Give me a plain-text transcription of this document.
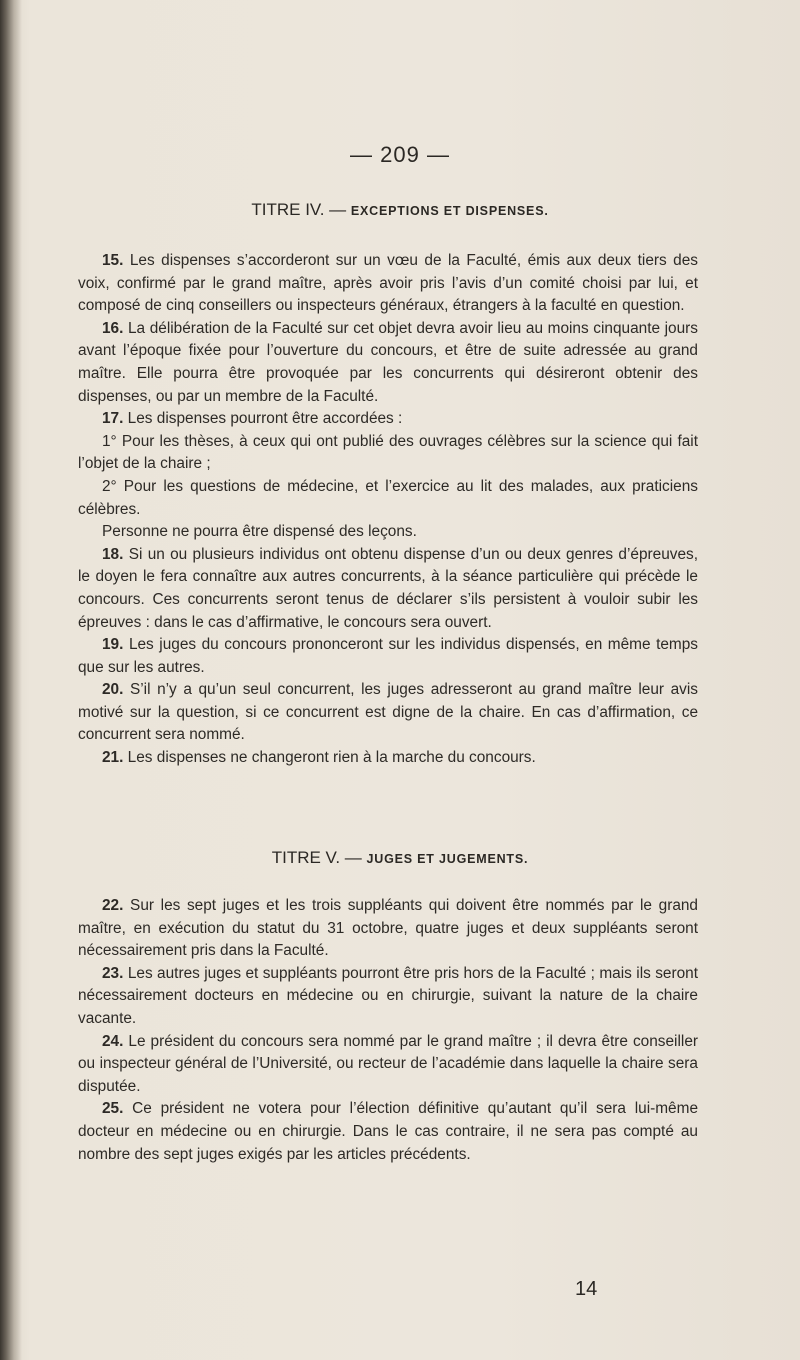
— 209 —
TITRE IV. — EXCEPTIONS ET DISPENSES.

15. Les dispenses s’accorderont sur un vœu de la Faculté, émis aux deux tiers des voix, confirmé par le grand maître, après avoir pris l’avis d’un comité choisi par lui, et composé de cinq conseillers ou inspecteurs généraux, étrangers à la faculté en question.

16. La délibération de la Faculté sur cet objet devra avoir lieu au moins cinquante jours avant l’époque fixée pour l’ouverture du concours, et être de suite adressée au grand maître. Elle pourra être provoquée par les concurrents qui désireront obtenir des dispenses, ou par un membre de la Faculté.

17. Les dispenses pourront être accordées :

1° Pour les thèses, à ceux qui ont publié des ouvrages célèbres sur la science qui fait l’objet de la chaire ;

2° Pour les questions de médecine, et l’exercice au lit des malades, aux praticiens célèbres.

Personne ne pourra être dispensé des leçons.

18. Si un ou plusieurs individus ont obtenu dispense d’un ou deux genres d’épreuves, le doyen le fera connaître aux autres concurrents, à la séance particulière qui précède le concours. Ces concurrents seront tenus de déclarer s’ils persistent à vouloir subir les épreuves : dans le cas d’affirmative, le concours sera ouvert.

19. Les juges du concours prononceront sur les individus dispensés, en même temps que sur les autres.

20. S’il n’y a qu’un seul concurrent, les juges adresseront au grand maître leur avis motivé sur la question, si ce concurrent est digne de la chaire. En cas d’affirmation, ce concurrent sera nommé.

21. Les dispenses ne changeront rien à la marche du concours.

TITRE V. — JUGES ET JUGEMENTS.

22. Sur les sept juges et les trois suppléants qui doivent être nommés par le grand maître, en exécution du statut du 31 octobre, quatre juges et deux suppléants seront nécessairement pris dans la Faculté.

23. Les autres juges et suppléants pourront être pris hors de la Faculté ; mais ils seront nécessairement docteurs en médecine ou en chirurgie, suivant la nature de la chaire vacante.

24. Le président du concours sera nommé par le grand maître ; il devra être conseiller ou inspecteur général de l’Université, ou recteur de l’académie dans laquelle la chaire sera disputée.

25. Ce président ne votera pour l’élection définitive qu’autant qu’il sera lui-même docteur en médecine ou en chirurgie. Dans le cas contraire, il ne sera pas compté au nombre des sept juges exigés par les articles précédents.

14
